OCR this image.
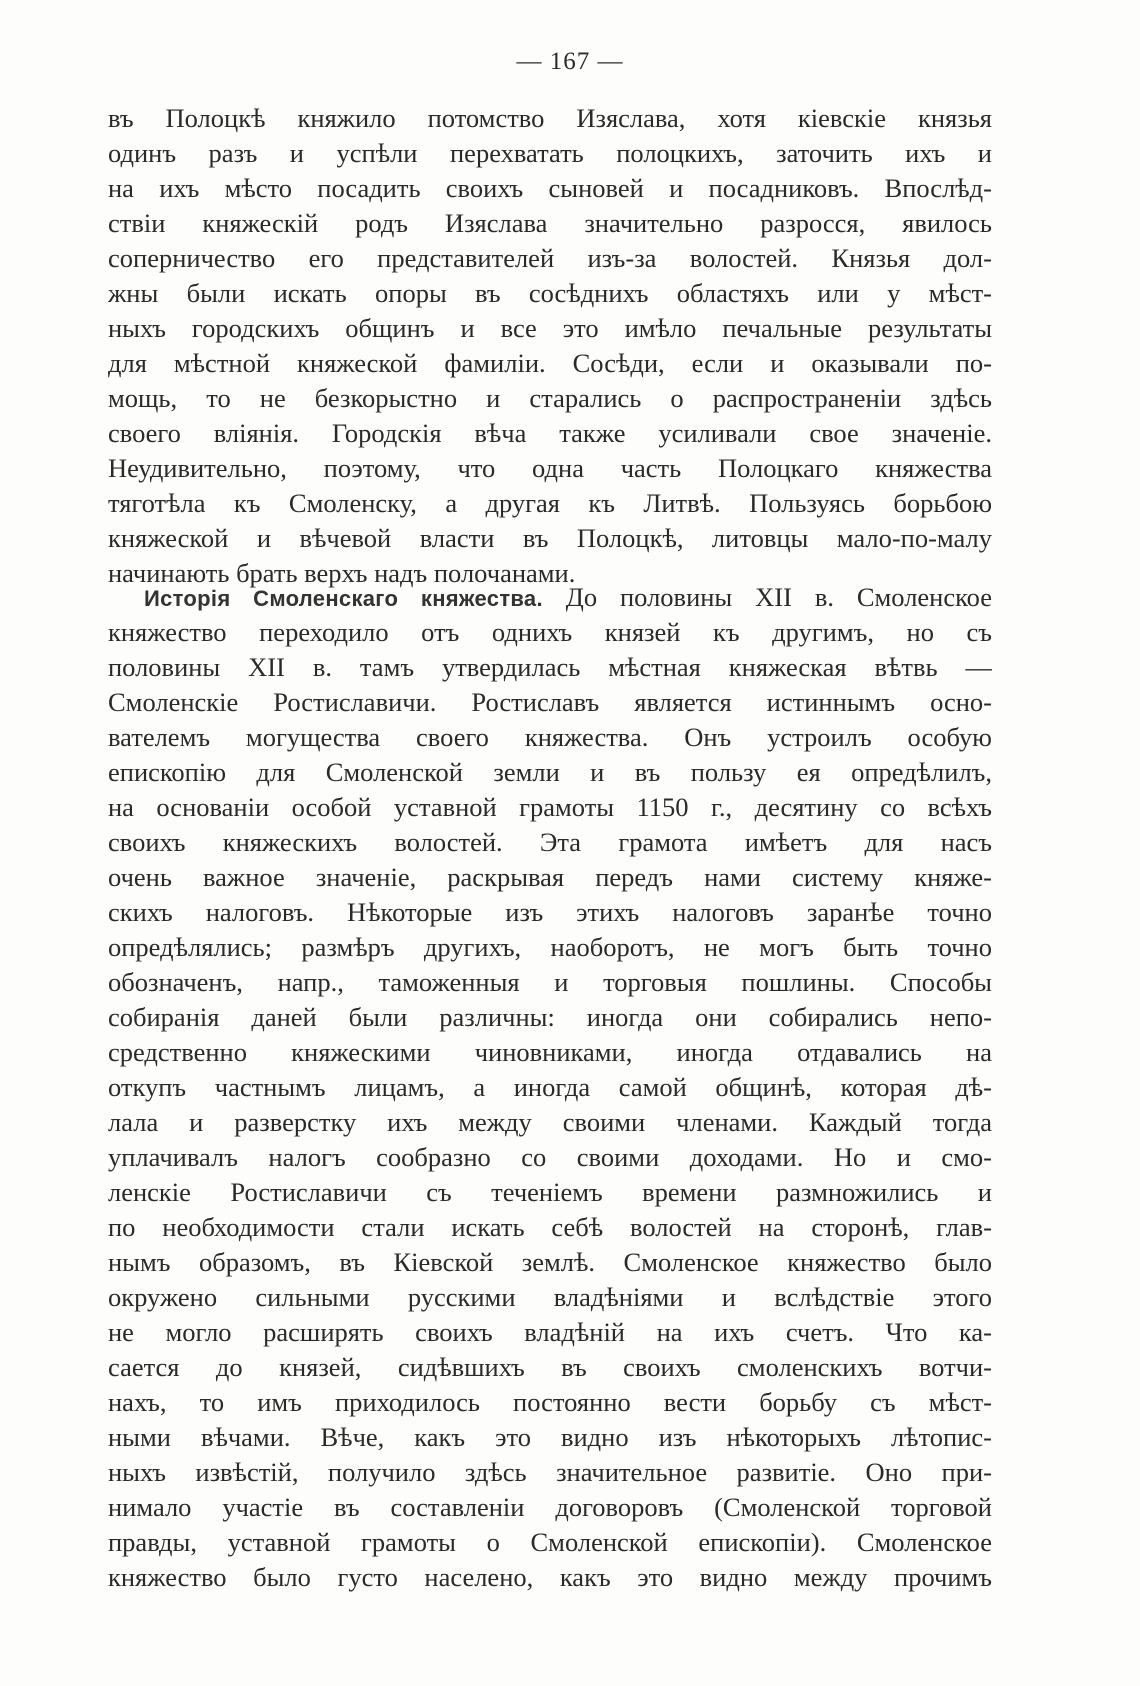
— 167 —
въ Полоцкѣ княжило потомство Изяслава, хотя кіевскіе князья
одинъ разъ и успѣли перехватать полоцкихъ, заточить ихъ и
на ихъ мѣсто посадить своихъ сыновей и посадниковъ. Впослѣд-
ствіи княжескій родъ Изяслава значительно разросся, явилось
соперничество его представителей изъ-за волостей. Князья дол-
жны были искать опоры въ сосѣднихъ областяхъ или у мѣст-
ныхъ городскихъ общинъ и все это имѣло печальные результаты
для мѣстной княжеской фамиліи. Сосѣди, если и оказывали по-
мощь, то не безкорыстно и старались о распространеніи здѣсь
своего вліянія. Городскія вѣча также усиливали свое значеніе.
Неудивительно, поэтому, что одна часть Полоцкаго княжества
тяготѣла къ Смоленску, а другая къ Литвѣ. Пользуясь борьбою
княжеской и вѣчевой власти въ Полоцкѣ, литовцы мало-по-малу
начинають брать верхъ надъ полочанами.
Исторія Смоленскаго княжества. До половины XII в. Смоленское
княжество переходило отъ однихъ князей къ другимъ, но съ
половины XII в. тамъ утвердилась мѣстная княжеская вѣтвь —
Смоленскіе Ростиславичи. Ростиславъ является истиннымъ осно-
вателемъ могущества своего княжества. Онъ устроилъ особую
епископію для Смоленской земли и въ пользу ея опредѣлилъ,
на основаніи особой уставной грамоты 1150 г., десятину со всѣхъ
своихъ княжескихъ волостей. Эта грамота имѣетъ для насъ
очень важное значеніе, раскрывая передъ нами систему княже-
скихъ налоговъ. Нѣкоторые изъ этихъ налоговъ заранѣе точно
опредѣлялись; размѣръ другихъ, наоборотъ, не могъ быть точно
обозначенъ, напр., таможенныя и торговыя пошлины. Способы
собиранія даней были различны: иногда они собирались непо-
средственно княжескими чиновниками, иногда отдавались на
откупъ частнымъ лицамъ, а иногда самой общинѣ, которая дѣ-
лала и разверстку ихъ между своими членами. Каждый тогда
уплачивалъ налогъ сообразно со своими доходами. Но и смо-
ленскіе Ростиславичи съ теченіемъ времени размножились и
по необходимости стали искать себѣ волостей на сторонѣ, глав-
нымъ образомъ, въ Кіевской землѣ. Смоленское княжество было
окружено сильными русскими владѣніями и вслѣдствіе этого
не могло расширять своихъ владѣній на ихъ счетъ. Что ка-
сается до князей, сидѣвшихъ въ своихъ смоленскихъ вотчи-
нахъ, то имъ приходилось постоянно вести борьбу съ мѣст-
ными вѣчами. Вѣче, какъ это видно изъ нѣкоторыхъ лѣтопис-
ныхъ извѣстій, получило здѣсь значительное развитіе. Оно при-
нимало участіе въ составленіи договоровъ (Смоленской торговой
правды, уставной грамоты о Смоленской епископіи). Смоленское
княжество было густо населено, какъ это видно между прочимъ
